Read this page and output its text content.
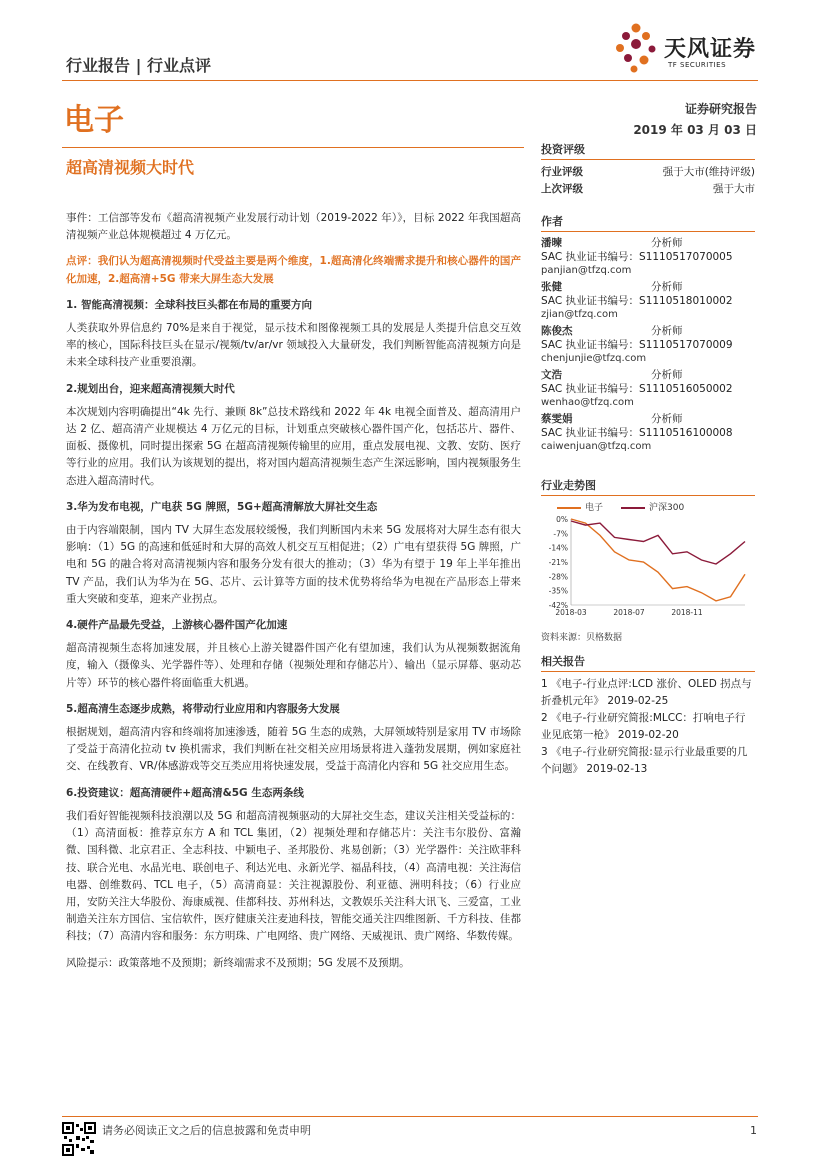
天风证券
TF SECURITIES
行业报告 | 行业点评
电子	证券研究报告
2019 年 03 月 03 日
超高清视频大时代

事件：工信部等发布《超高清视频产业发展行动计划（2019-2022 年）》，目标 2022 年我国超高清视频产业总体规模超过 4 万亿元。

点评：我们认为超高清视频时代受益主要是两个维度，1.超高清化终端需求提升和核心器件的国产化加速，2.超高清+5G 带来大屏生态大发展

1. 智能高清视频：全球科技巨头都在布局的重要方向

人类获取外界信息约 70%是来自于视觉，显示技术和图像视频工具的发展是人类提升信息交互效率的核心，国际科技巨头在显示/视频/tv/ar/vr 领域投入大量研发，我们判断智能高清视频方向是未来全球科技产业重要浪潮。

2.规划出台，迎来超高清视频大时代

本次规划内容明确提出“4k 先行、兼顾 8k”总技术路线和 2022 年 4k 电视全面普及、超高清用户达 2 亿、超高清产业规模达 4 万亿元的目标，计划重点突破核心器件国产化，包括芯片、器件、面板、摄像机，同时提出探索 5G 在超高清视频传输里的应用，重点发展电视、文教、安防、医疗等行业的应用。我们认为该规划的提出，将对国内超高清视频生态产生深远影响，国内视频服务生态进入超高清时代。

3.华为发布电视，广电获 5G 牌照，5G+超高清解放大屏社交生态

由于内容端限制，国内 TV 大屏生态发展较缓慢，我们判断国内未来 5G 发展将对大屏生态有很大影响：（1）5G 的高速和低延时和大屏的高效人机交互互相促进；（2）广电有望获得 5G 牌照，广电和 5G 的融合将对高清视频内容和服务分发有很大的推动；（3）华为有望于 19 年上半年推出 TV 产品，我们认为华为在 5G、芯片、云计算等方面的技术优势将给华为电视在产品形态上带来重大突破和变革，迎来产业拐点。

4.硬件产品最先受益，上游核心器件国产化加速

超高清视频生态将加速发展，并且核心上游关键器件国产化有望加速，我们认为从视频数据流角度，输入（摄像头、光学器件等）、处理和存储（视频处理和存储芯片）、输出（显示屏幕、驱动芯片等）环节的核心器件将面临重大机遇。

5.超高清生态逐步成熟，将带动行业应用和内容服务大发展

根据规划，超高清内容和终端将加速渗透，随着 5G 生态的成熟，大屏领域特别是家用 TV 市场除了受益于高清化拉动 tv 换机需求，我们判断在社交相关应用场景将进入蓬勃发展期，例如家庭社交、在线教育、VR/体感游戏等交互类应用将快速发展，受益于高清化内容和 5G 社交应用生态。

6.投资建议：超高清硬件+超高清&5G 生态两条线

我们看好智能视频科技浪潮以及 5G 和超高清视频驱动的大屏社交生态，建议关注相关受益标的：（1）高清面板：推荐京东方 A 和 TCL 集团，（2）视频处理和存储芯片：关注韦尔股份、富瀚微、国科微、北京君正、全志科技、中颖电子、圣邦股份、兆易创新；（3）光学器件：关注欧菲科技、联合光电、水晶光电、联创电子、利达光电、永新光学、福晶科技，（4）高清电视：关注海信电器、创维数码、TCL 电子，（5）高清商显：关注视源股份、利亚德、洲明科技；（6）行业应用，安防关注大华股份、海康威视、佳都科技、苏州科达，文教娱乐关注科大讯飞、三爱富，工业制造关注东方国信、宝信软件，医疗健康关注麦迪科技，智能交通关注四维图新、千方科技、佳都科技；（7）高清内容和服务：东方明珠、广电网络、贵广网络、天威视讯、贵广网络、华数传媒。

风险提示：政策落地不及预期；新终端需求不及预期；5G 发展不及预期。

投资评级
行业评级	强于大市(维持评级)
上次评级	强于大市
作者
潘暕	分析师
SAC 执业证书编号：S1110517070005
panjian@tfzq.com
张健	分析师
SAC 执业证书编号：S1110518010002
zjian@tfzq.com
陈俊杰	分析师
SAC 执业证书编号：S1110517070009
chenjunjie@tfzq.com
文浩	分析师
SAC 执业证书编号：S1110516050002
wenhao@tfzq.com
蔡雯娟	分析师
SAC 执业证书编号：S1110516100008
caiwenjuan@tfzq.com
行业走势图
电子	沪深300
0%
-7%
-14%
-21%
-28%
-35%
-42%
2018-03	2018-07	2018-11
资料来源：贝格数据
相关报告
1 《电子-行业点评:LCD 涨价、OLED 拐点与折叠机元年》 2019-02-25
2 《电子-行业研究简报:MLCC：打响电子行业见底第一枪》 2019-02-20
3 《电子-行业研究简报:显示行业最重要的几个问题》 2019-02-13
请务必阅读正文之后的信息披露和免责申明	1
